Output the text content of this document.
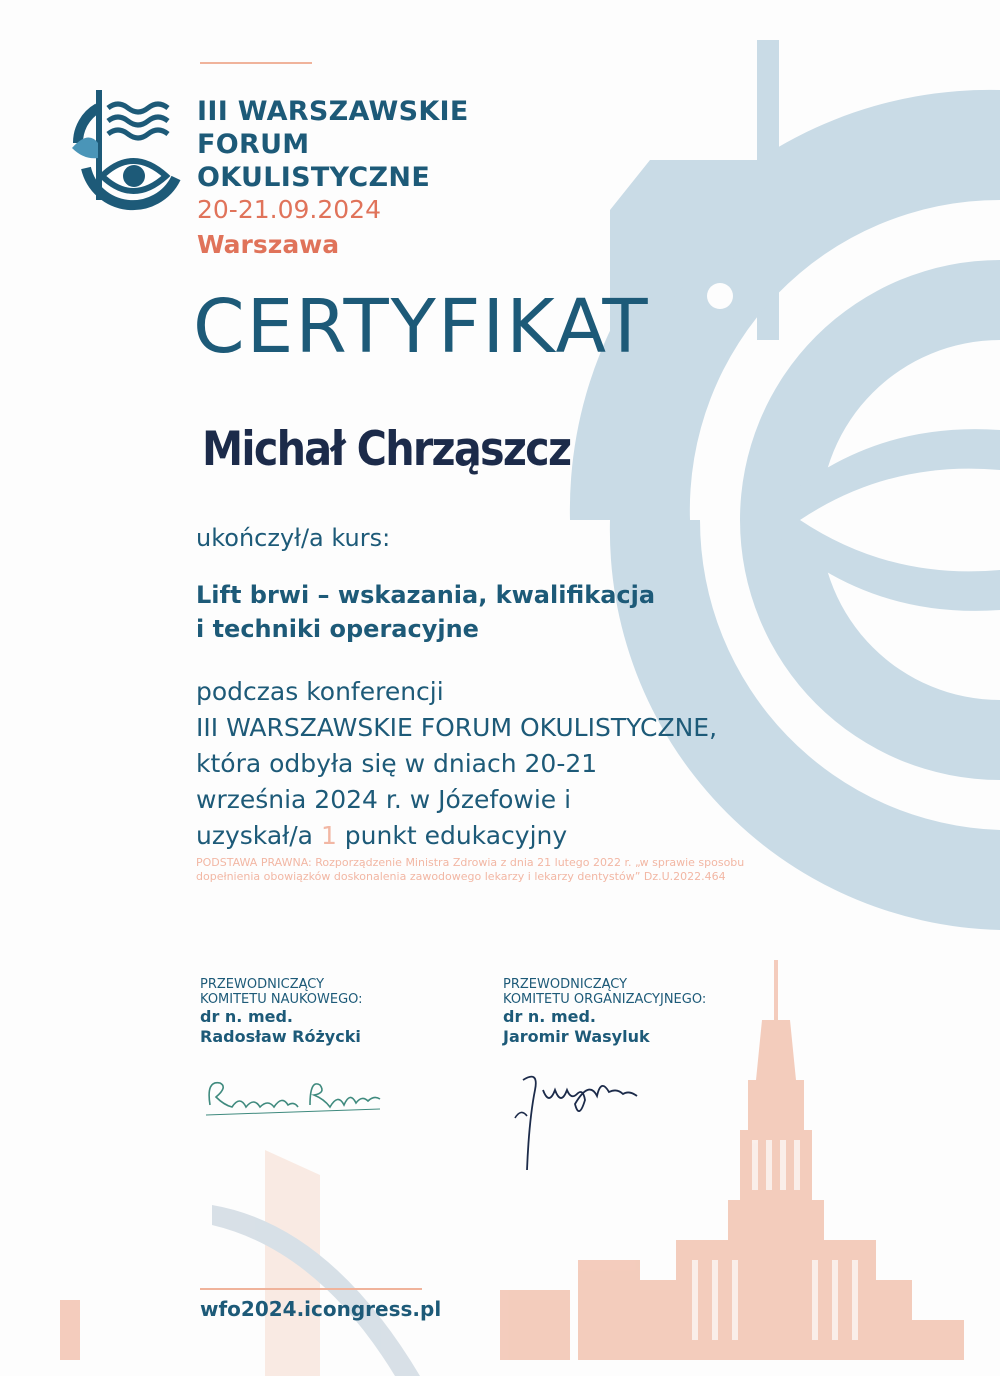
III WARSZAWSKIE
FORUM
OKULISTYCZNE
20-21.09.2024
Warszawa
CERTYFIKAT
Michał Chrząszcz
ukończył/a kurs:
Lift brwi – wskazania, kwalifikacja
i techniki operacyjne
podczas konferencji
III WARSZAWSKIE FORUM OKULISTYCZNE,
która odbyła się w dniach 20-21
września 2024 r. w Józefowie i
uzyskał/a 1 punkt edukacyjny
PODSTAWA PRAWNA: Rozporządzenie Ministra Zdrowia z dnia 21 lutego 2022 r. „w sprawie sposobu dopełnienia obowiązków doskonalenia zawodowego lekarzy i lekarzy dentystów” Dz.U.2022.464
PRZEWODNICZĄCY
KOMITETU NAUKOWEGO:
dr n. med.
Radosław Różycki
PRZEWODNICZĄCY
KOMITETU ORGANIZACYJNEGO:
dr n. med.
Jaromir Wasyluk
wfo2024.icongress.pl
